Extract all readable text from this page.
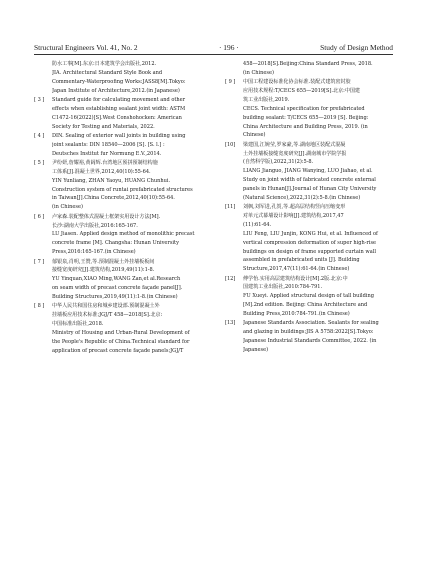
Structural Engineers Vol. 41, No. 2	· 196 ·	Study of Design Method
防水工事[M].东京:日本建筑学会出版社,2012.
JIA. Architectural Standard Style Book and
Commentary-Waterproofing Works:JASS8[M].Tokyo:
Japan Institute of Architecture,2012.(in Japanese)
[ 3 ]	Standard guide for calculating movement and other
effects when establishing sealant joint width: ASTM
C1472-16(2022)[S].West Conshohocken: American
Society for Testing and Materials, 2022.
[ 4 ]	DIN. Sealing of exterior wall joints in building using
joint sealants: DIN 18540—2006 [S]. [S. l.] :
Deutsches Institut fur Normung E.V.,2014.
[ 5 ]	尹纷妍,詹耀裕,黄阔辉.台湾地区预拼预制结构施
工体系[J].混凝土世界,2012,40(10):55-64.
YIN Yunliang, ZHAN Yaoyu, HUANG Chunhui.
Construction system of runtai prefabricated structures
in Taiwan[J].China Concrete,2012,40(10):55-64.
(in Chinese)
[ 6 ]	卢家森.装配整体式混凝土框架实用设计方法[M].
长沙:湖南大学出版社,2016:165-167.
LU Jiasen. Applied design method of monolithic precast
concrete frame [M]. Changsha: Hunan University
Press,2016:165-167.(in Chinese)
[ 7 ]	郁银泉,肖明,王赞,等.预制混凝土外挂墙板板间
接缝宽度研究[J].建筑结构,2019,49(11):1-8.
YU Yinquan,XIAO Ming,WANG Zan,et al.Research
on seam width of precast concrete façade panel[J].
Building Structures,2019,49(11):1-8.(in Chinese)
[ 8 ]	中华人民共和国住房和城乡建设部.预制混凝土外
挂墙板应用技术标准:JGJ/T 458—2018[S].北京:
中国标准出版社,2018.
Ministry of Housing and Urban-Rural Development of
the People's Republic of China.Technical standard for
application of precast concrete façade panels:JGJ/T
458—2018[S].Beijing:China Standard Press, 2018.
(in Chinese)
[ 9 ]	中国工程建设标准化协会标准.装配式建筑密封胶
应用技术规程:T/CECS 655—2019[S].北京:中国建
筑工业出版社,2019.
CECS. Technical specification for prefabricated
building sealant: T/CECS 655—2019 [S]. Beijing:
China Architecture and Building Press, 2019. (in
Chinese)
[10]	梁建国,江婉莹,罗家豪,等.湖南地区装配式混凝
土外挂墙板接缝宽度研究[J].湖南城市学院学报
(自然科学版),2022,31(2):5-8.
LIANG Jianguo, JIANG Wanying, LUO Jiahao, et al.
Study on joint width of fabricated concrete external
panels in Hunan[J].Journal of Hunan City University
(Natural Science),2022,31(2):5-8.(in Chinese)
[11]	刘枫,刘军进,孔贺,等.超高层结构竖向压缩变形
对单元式幕墙设计影响[J].建筑结构,2017,47
(11):61-64.
LIU Feng, LIU Junjin, KONG Hui, et al. Influenced of
vertical compression deformation of super high-rise
buildings on design of frame supported curtain wall
assembled in prefabricated units [J]. Building
Structure,2017,47(11):61-64.(in Chinese)
[12]	傅学怡.实用高层建筑结构设计[M].2版.北京:中
国建筑工业出版社,2010:784-791.
FU Xueyi. Applied structural design of tall building
[M].2nd edition. Beijing: China Architecture and
Building Press,2010:784-791.(in Chinese)
[13]	Japanese Standards Association. Sealants for sealing
and glazing in buildings:JIS A 5758:2022[S].Tokyo:
Japanese Industrial Standards Committee, 2022. (in
Japanese)
